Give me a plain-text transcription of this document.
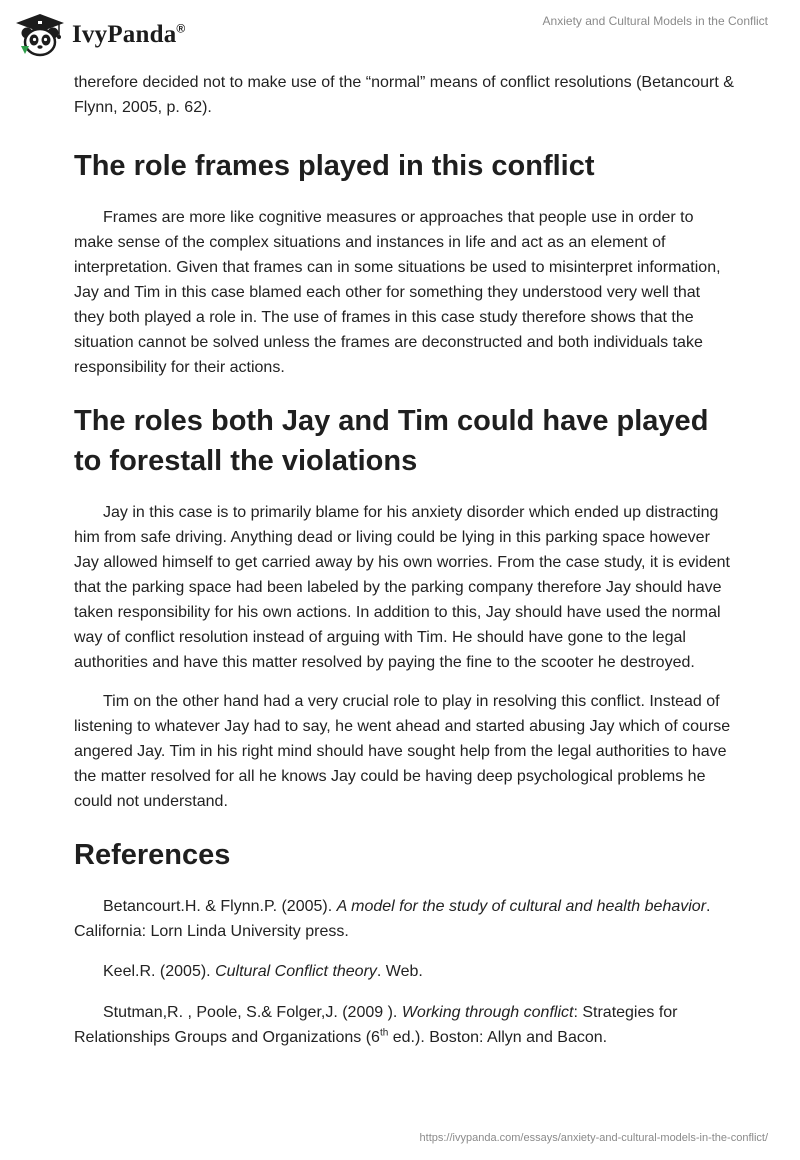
IvyPanda®
Anxiety and Cultural Models in the Conflict

therefore decided not to make use of the “normal” means of conflict resolutions (Betancourt & Flynn, 2005, p. 62).

The role frames played in this conflict

Frames are more like cognitive measures or approaches that people use in order to make sense of the complex situations and instances in life and act as an element of interpretation. Given that frames can in some situations be used to misinterpret information, Jay and Tim in this case blamed each other for something they understood very well that they both played a role in. The use of frames in this case study therefore shows that the situation cannot be solved unless the frames are deconstructed and both individuals take responsibility for their actions.

The roles both Jay and Tim could have played to forestall the violations

Jay in this case is to primarily blame for his anxiety disorder which ended up distracting him from safe driving. Anything dead or living could be lying in this parking space however Jay allowed himself to get carried away by his own worries. From the case study, it is evident that the parking space had been labeled by the parking company therefore Jay should have taken responsibility for his own actions. In addition to this, Jay should have used the normal way of conflict resolution instead of arguing with Tim. He should have gone to the legal authorities and have this matter resolved by paying the fine to the scooter he destroyed.

Tim on the other hand had a very crucial role to play in resolving this conflict. Instead of listening to whatever Jay had to say, he went ahead and started abusing Jay which of course angered Jay. Tim in his right mind should have sought help from the legal authorities to have the matter resolved for all he knows Jay could be having deep psychological problems he could not understand.

References

Betancourt.H. & Flynn.P. (2005). A model for the study of cultural and health behavior. California: Lorn Linda University press.

Keel.R. (2005). Cultural Conflict theory. Web.

Stutman,R. , Poole, S.& Folger,J. (2009 ). Working through conflict: Strategies for Relationships Groups and Organizations (6th ed.). Boston: Allyn and Bacon.

https://ivypanda.com/essays/anxiety-and-cultural-models-in-the-conflict/
